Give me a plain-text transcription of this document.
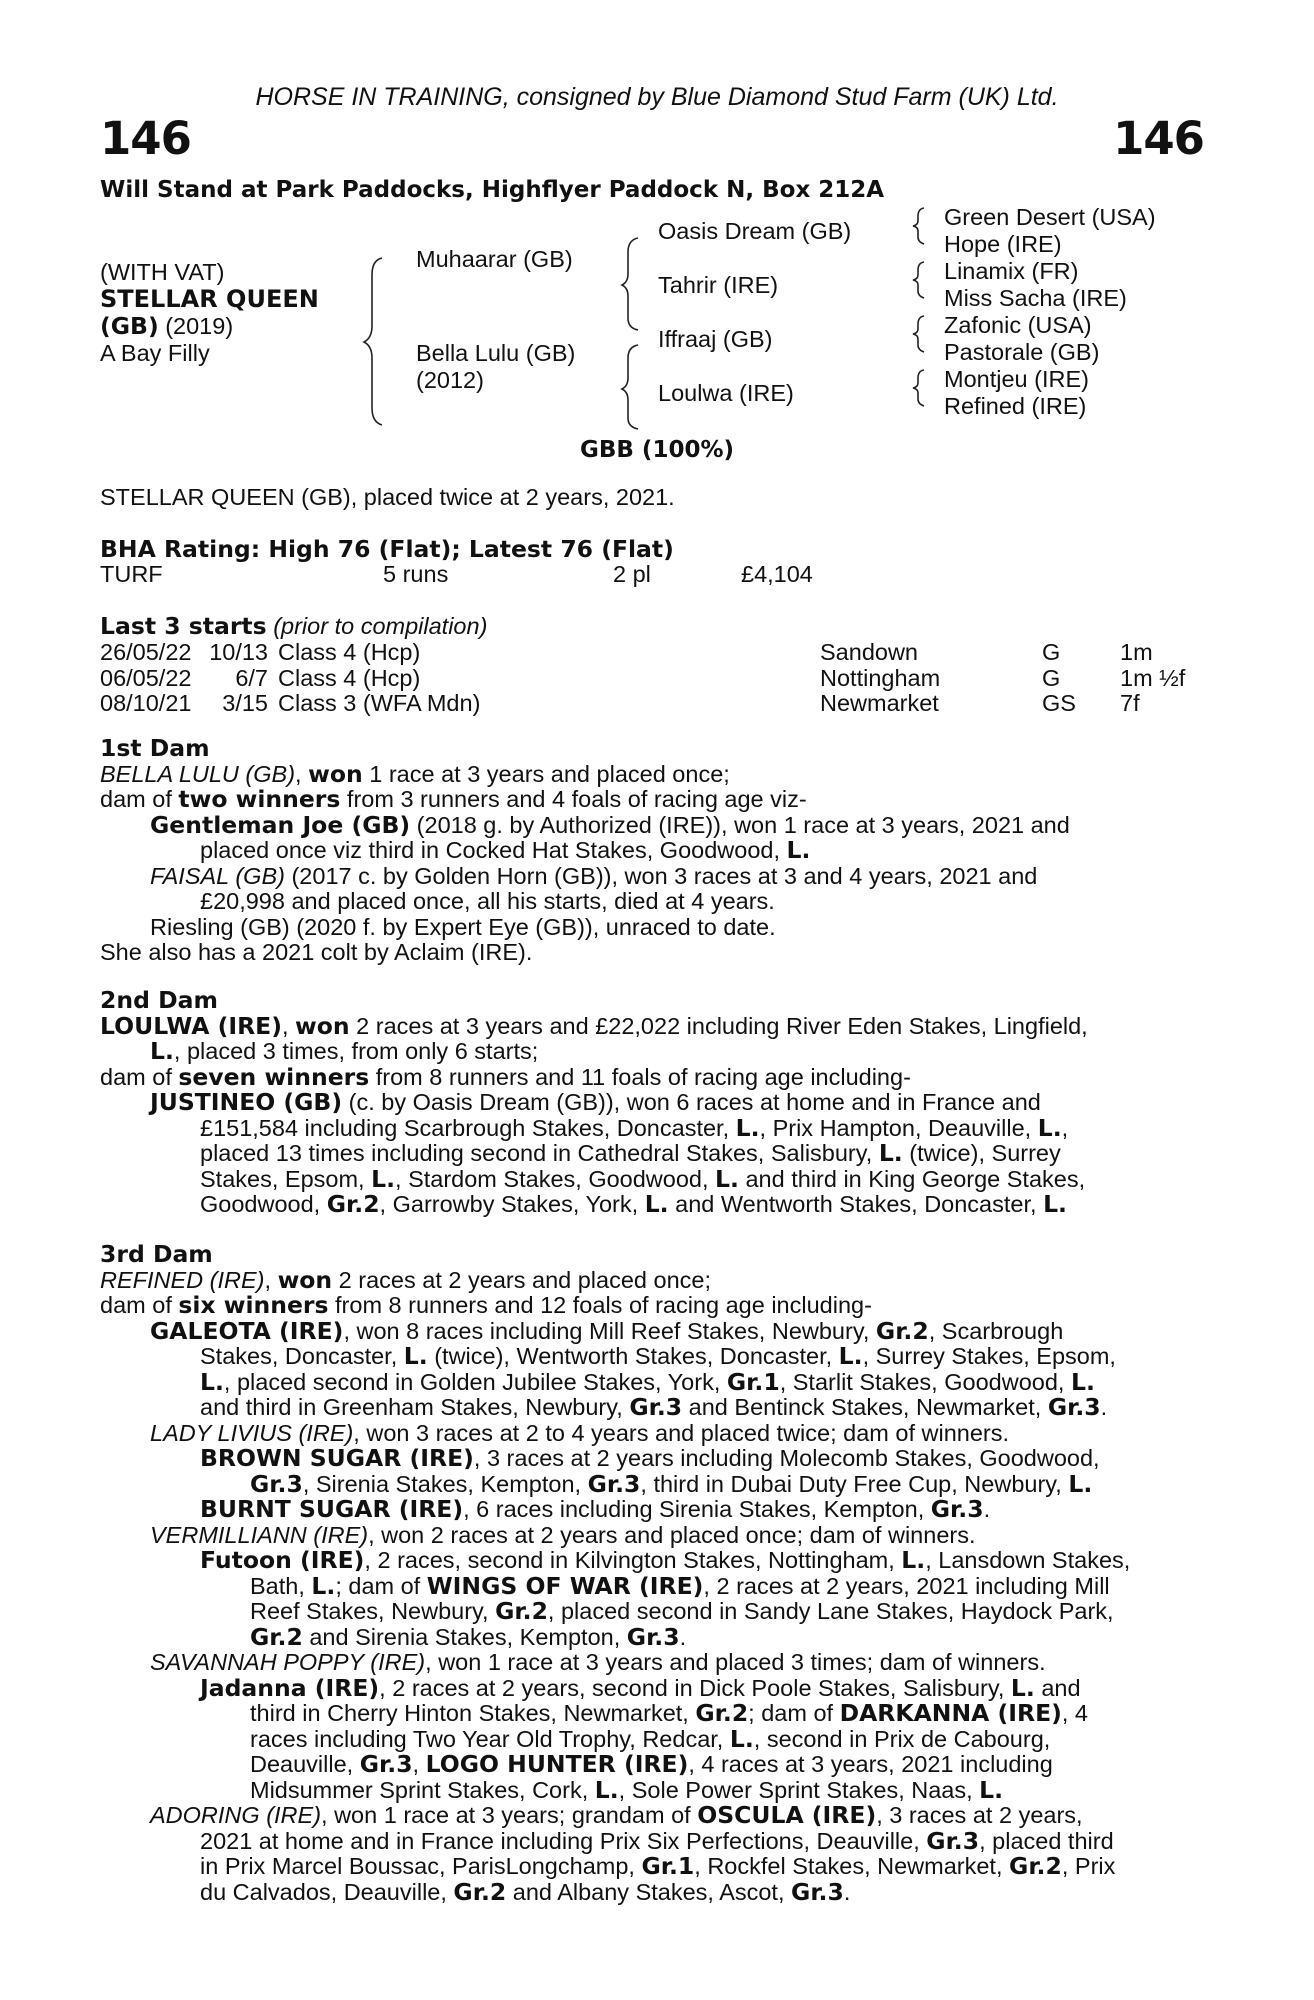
HORSE IN TRAINING, consigned by Blue Diamond Stud Farm (UK) Ltd.
146	146
Will Stand at Park Paddocks, Highflyer Paddock N, Box 212A
(WITH VAT)
STELLAR QUEEN
(GB) (2019)
A Bay Filly
Muhaarar (GB)
Bella Lulu (GB)
(2012)
Oasis Dream (GB)
Tahrir (IRE)
Iffraaj (GB)
Loulwa (IRE)
Green Desert (USA)
Hope (IRE)
Linamix (FR)
Miss Sacha (IRE)
Zafonic (USA)
Pastorale (GB)
Montjeu (IRE)
Refined (IRE)
GBB (100%)
STELLAR QUEEN (GB), placed twice at 2 years, 2021.
BHA Rating: High 76 (Flat); Latest 76 (Flat)
TURF	5 runs	2 pl	£4,104
Last 3 starts (prior to compilation)
26/05/22	10/13	Class 4 (Hcp)	Sandown	G	1m
06/05/22	6/7	Class 4 (Hcp)	Nottingham	G	1m ½f
08/10/21	3/15	Class 3 (WFA Mdn)	Newmarket	GS	7f
1st Dam
BELLA LULU (GB), won 1 race at 3 years and placed once;
dam of two winners from 3 runners and 4 foals of racing age viz-
Gentleman Joe (GB) (2018 g. by Authorized (IRE)), won 1 race at 3 years, 2021 and
placed once viz third in Cocked Hat Stakes, Goodwood, L.
FAISAL (GB) (2017 c. by Golden Horn (GB)), won 3 races at 3 and 4 years, 2021 and
£20,998 and placed once, all his starts, died at 4 years.
Riesling (GB) (2020 f. by Expert Eye (GB)), unraced to date.
She also has a 2021 colt by Aclaim (IRE).
2nd Dam
LOULWA (IRE), won 2 races at 3 years and £22,022 including River Eden Stakes, Lingfield,
L., placed 3 times, from only 6 starts;
dam of seven winners from 8 runners and 11 foals of racing age including-
JUSTINEO (GB) (c. by Oasis Dream (GB)), won 6 races at home and in France and
£151,584 including Scarbrough Stakes, Doncaster, L., Prix Hampton, Deauville, L.,
placed 13 times including second in Cathedral Stakes, Salisbury, L. (twice), Surrey
Stakes, Epsom, L., Stardom Stakes, Goodwood, L. and third in King George Stakes,
Goodwood, Gr.2, Garrowby Stakes, York, L. and Wentworth Stakes, Doncaster, L.
3rd Dam
REFINED (IRE), won 2 races at 2 years and placed once;
dam of six winners from 8 runners and 12 foals of racing age including-
GALEOTA (IRE), won 8 races including Mill Reef Stakes, Newbury, Gr.2, Scarbrough
Stakes, Doncaster, L. (twice), Wentworth Stakes, Doncaster, L., Surrey Stakes, Epsom,
L., placed second in Golden Jubilee Stakes, York, Gr.1, Starlit Stakes, Goodwood, L.
and third in Greenham Stakes, Newbury, Gr.3 and Bentinck Stakes, Newmarket, Gr.3.
LADY LIVIUS (IRE), won 3 races at 2 to 4 years and placed twice; dam of winners.
BROWN SUGAR (IRE), 3 races at 2 years including Molecomb Stakes, Goodwood,
Gr.3, Sirenia Stakes, Kempton, Gr.3, third in Dubai Duty Free Cup, Newbury, L.
BURNT SUGAR (IRE), 6 races including Sirenia Stakes, Kempton, Gr.3.
VERMILLIANN (IRE), won 2 races at 2 years and placed once; dam of winners.
Futoon (IRE), 2 races, second in Kilvington Stakes, Nottingham, L., Lansdown Stakes,
Bath, L.; dam of WINGS OF WAR (IRE), 2 races at 2 years, 2021 including Mill
Reef Stakes, Newbury, Gr.2, placed second in Sandy Lane Stakes, Haydock Park,
Gr.2 and Sirenia Stakes, Kempton, Gr.3.
SAVANNAH POPPY (IRE), won 1 race at 3 years and placed 3 times; dam of winners.
Jadanna (IRE), 2 races at 2 years, second in Dick Poole Stakes, Salisbury, L. and
third in Cherry Hinton Stakes, Newmarket, Gr.2; dam of DARKANNA (IRE), 4
races including Two Year Old Trophy, Redcar, L., second in Prix de Cabourg,
Deauville, Gr.3, LOGO HUNTER (IRE), 4 races at 3 years, 2021 including
Midsummer Sprint Stakes, Cork, L., Sole Power Sprint Stakes, Naas, L.
ADORING (IRE), won 1 race at 3 years; grandam of OSCULA (IRE), 3 races at 2 years,
2021 at home and in France including Prix Six Perfections, Deauville, Gr.3, placed third
in Prix Marcel Boussac, ParisLongchamp, Gr.1, Rockfel Stakes, Newmarket, Gr.2, Prix
du Calvados, Deauville, Gr.2 and Albany Stakes, Ascot, Gr.3.
